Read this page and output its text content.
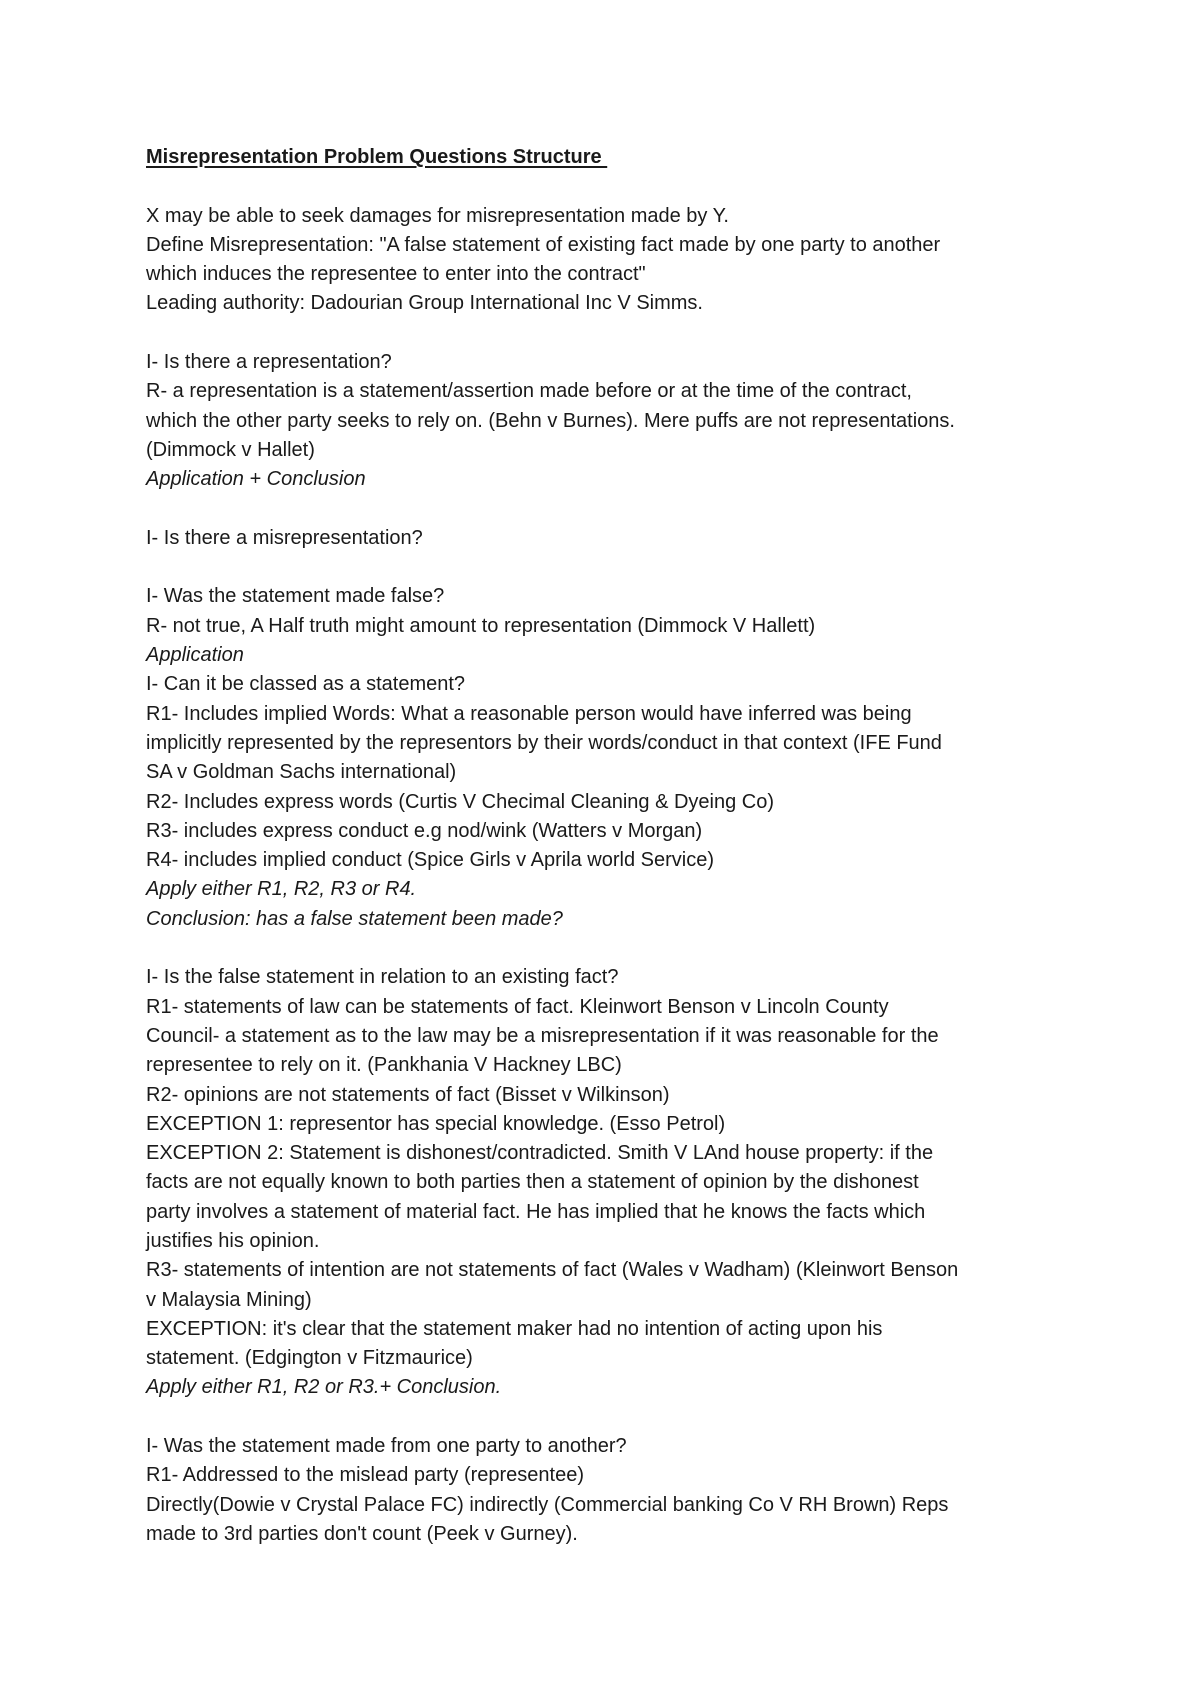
Misrepresentation Problem Questions Structure
X may be able to seek damages for misrepresentation made by Y.
Define Misrepresentation: "A false statement of existing fact made by one party to another
which induces the representee to enter into the contract"
Leading authority: Dadourian Group International Inc V Simms.
I- Is there a representation?
R- a representation is a statement/assertion made before or at the time of the contract,
which the other party seeks to rely on. (Behn v Burnes). Mere puffs are not representations.
(Dimmock v Hallet)
Application + Conclusion
I- Is there a misrepresentation?
I- Was the statement made false?
R- not true, A Half truth might amount to representation (Dimmock V Hallett)
Application
I- Can it be classed as a statement?
R1- Includes implied Words: What a reasonable person would have inferred was being
implicitly represented by the representors by their words/conduct in that context (IFE Fund
SA v Goldman Sachs international)
R2- Includes express words (Curtis V Checimal Cleaning & Dyeing Co)
R3- includes express conduct e.g nod/wink (Watters v Morgan)
R4- includes implied conduct (Spice Girls v Aprila world Service)
Apply either R1, R2, R3 or R4.
Conclusion: has a false statement been made?
I- Is the false statement in relation to an existing fact?
R1- statements of law can be statements of fact. Kleinwort Benson v Lincoln County
Council- a statement as to the law may be a misrepresentation if it was reasonable for the
representee to rely on it. (Pankhania V Hackney LBC)
R2- opinions are not statements of fact (Bisset v Wilkinson)
EXCEPTION 1: representor has special knowledge. (Esso Petrol)
EXCEPTION 2: Statement is dishonest/contradicted. Smith V LAnd house property: if the
facts are not equally known to both parties then a statement of opinion by the dishonest
party involves a statement of material fact. He has implied that he knows the facts which
justifies his opinion.
R3- statements of intention are not statements of fact (Wales v Wadham) (Kleinwort Benson
v Malaysia Mining)
EXCEPTION: it's clear that the statement maker had no intention of acting upon his
statement. (Edgington v Fitzmaurice)
Apply either R1, R2 or R3.+ Conclusion.
I- Was the statement made from one party to another?
R1- Addressed to the mislead party (representee)
Directly(Dowie v Crystal Palace FC) indirectly (Commercial banking Co V RH Brown) Reps
made to 3rd parties don't count (Peek v Gurney).
